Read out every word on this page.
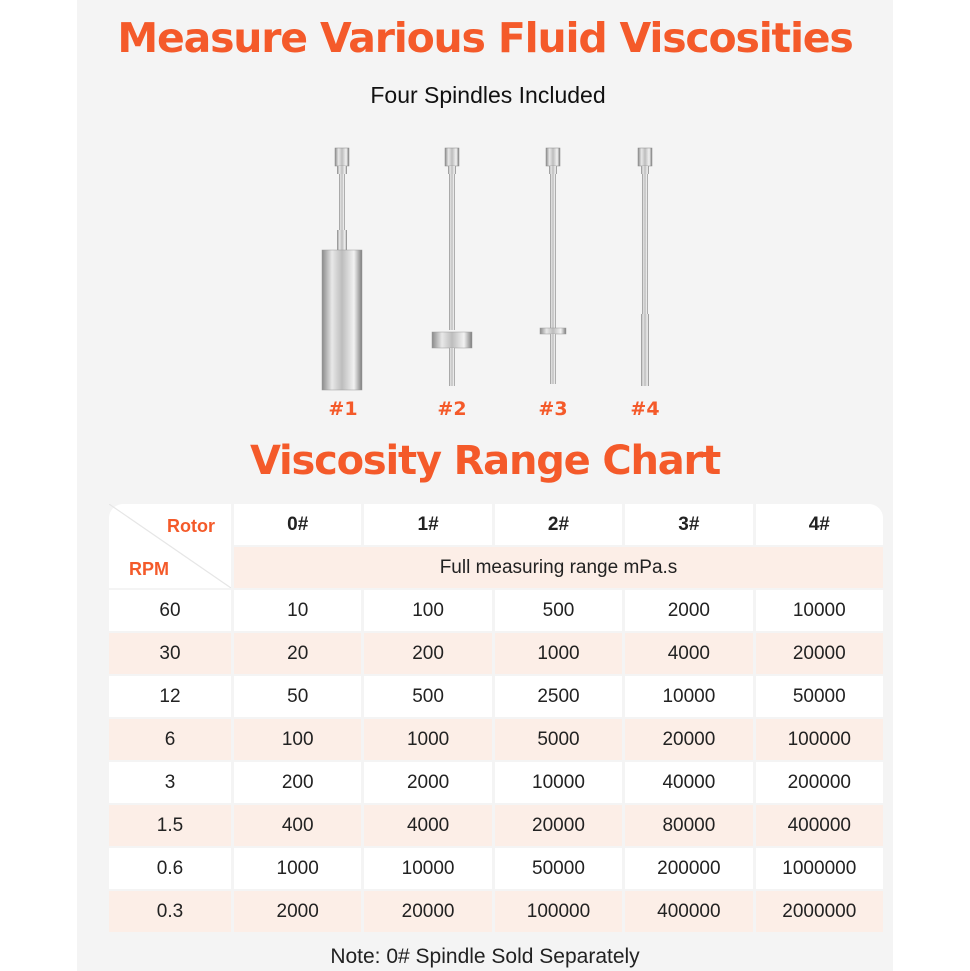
Measure Various Fluid Viscosities
Four Spindles Included
#1	#2	#3	#4
Viscosity Range Chart
Rotor
RPM	0#	1#	2#	3#	4#
	Full measuring range mPa.s				
60	10	100	500	2000	10000
30	20	200	1000	4000	20000
12	50	500	2500	10000	50000
6	100	1000	5000	20000	100000
3	200	2000	10000	40000	200000
1.5	400	4000	20000	80000	400000
0.6	1000	10000	50000	200000	1000000
0.3	2000	20000	100000	400000	2000000
Note: 0# Spindle Sold Separately
